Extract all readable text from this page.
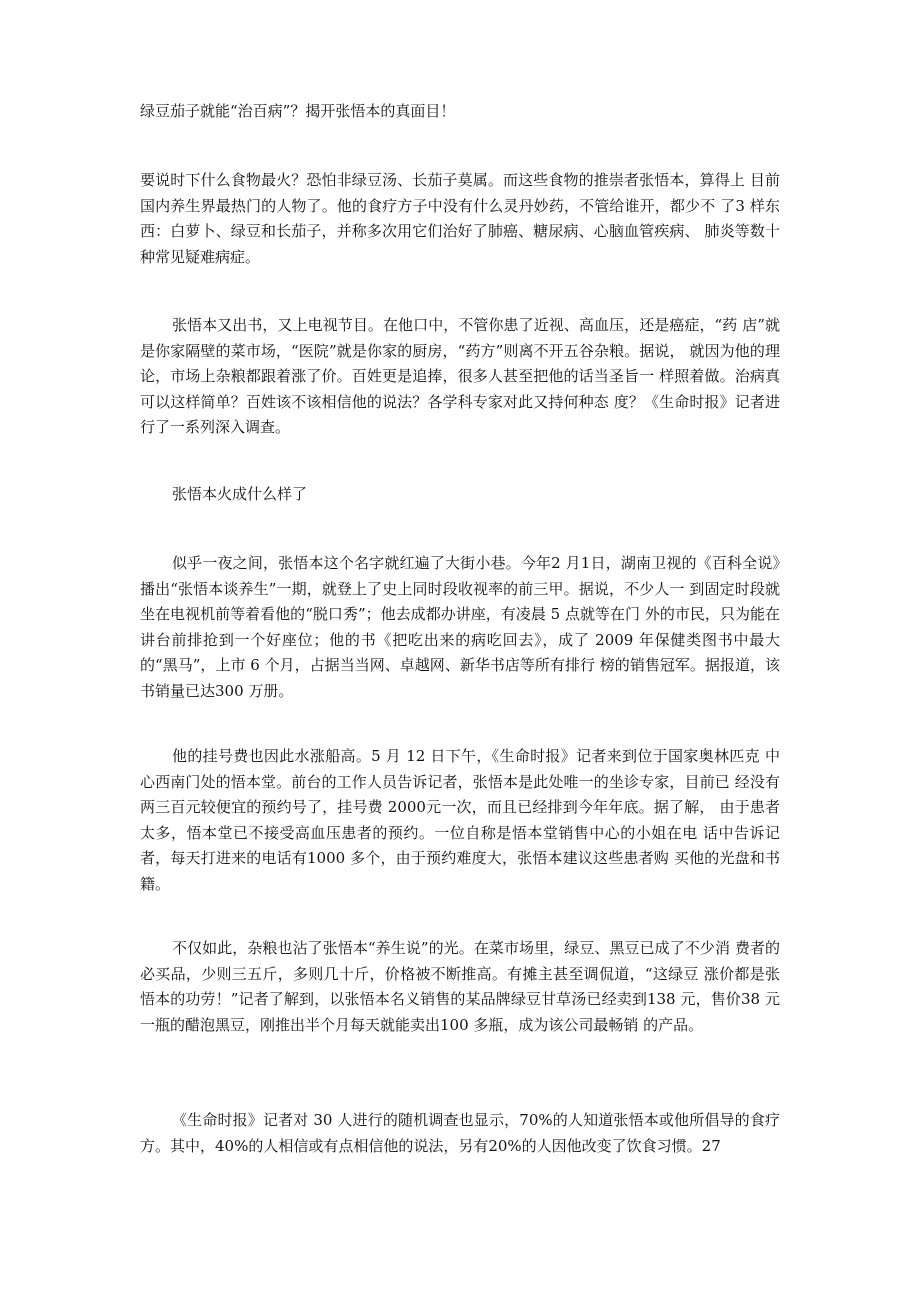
绿豆茄子就能“治百病”？揭开张悟本的真面目！

要说时下什么食物最火？恐怕非绿豆汤、长茄子莫属。而这些食物的推崇者张悟本，算得上 目前国内养生界最热门的人物了。他的食疗方子中没有什么灵丹妙药，不管给谁开，都少不 了3 样东西：白萝卜、绿豆和长茄子，并称多次用它们治好了肺癌、糖尿病、心脑血管疾病、 肺炎等数十种常见疑难病症。

张悟本又出书，又上电视节目。在他口中，不管你患了近视、高血压，还是癌症，“药 店”就是你家隔壁的菜市场，“医院”就是你家的厨房，“药方”则离不开五谷杂粮。据说， 就因为他的理论，市场上杂粮都跟着涨了价。百姓更是追捧，很多人甚至把他的话当圣旨一 样照着做。治病真可以这样简单？百姓该不该相信他的说法？各学科专家对此又持何种态 度？《生命时报》记者进行了一系列深入调查。

张悟本火成什么样了

似乎一夜之间，张悟本这个名字就红遍了大街小巷。今年2 月1日，湖南卫视的《百科全说》播出“张悟本谈养生”一期，就登上了史上同时段收视率的前三甲。据说，不少人一 到固定时段就坐在电视机前等着看他的“脱口秀”；他去成都办讲座，有凌晨 5 点就等在门 外的市民，只为能在讲台前排抢到一个好座位；他的书《把吃出来的病吃回去》，成了 2009 年保健类图书中最大的“黑马”，上市 6 个月，占据当当网、卓越网、新华书店等所有排行 榜的销售冠军。据报道，该书销量已达300 万册。

他的挂号费也因此水涨船高。5 月 12 日下午，《生命时报》记者来到位于国家奥林匹克 中心西南门处的悟本堂。前台的工作人员告诉记者，张悟本是此处唯一的坐诊专家，目前已 经没有两三百元较便宜的预约号了，挂号费 2000元一次，而且已经排到今年年底。据了解， 由于患者太多，悟本堂已不接受高血压患者的预约。一位自称是悟本堂销售中心的小姐在电 话中告诉记者，每天打进来的电话有1000 多个，由于预约难度大，张悟本建议这些患者购 买他的光盘和书籍。

不仅如此，杂粮也沾了张悟本“养生说”的光。在菜市场里，绿豆、黑豆已成了不少消 费者的必买品，少则三五斤，多则几十斤，价格被不断推高。有摊主甚至调侃道，“这绿豆 涨价都是张悟本的功劳！”记者了解到，以张悟本名义销售的某品牌绿豆甘草汤已经卖到138 元，售价38 元一瓶的醋泡黑豆，刚推出半个月每天就能卖出100 多瓶，成为该公司最畅销 的产品。

《生命时报》记者对 30 人进行的随机调查也显示，70%的人知道张悟本或他所倡导的食疗方。其中，40%的人相信或有点相信他的说法，另有20%的人因他改变了饮食习惯。27
